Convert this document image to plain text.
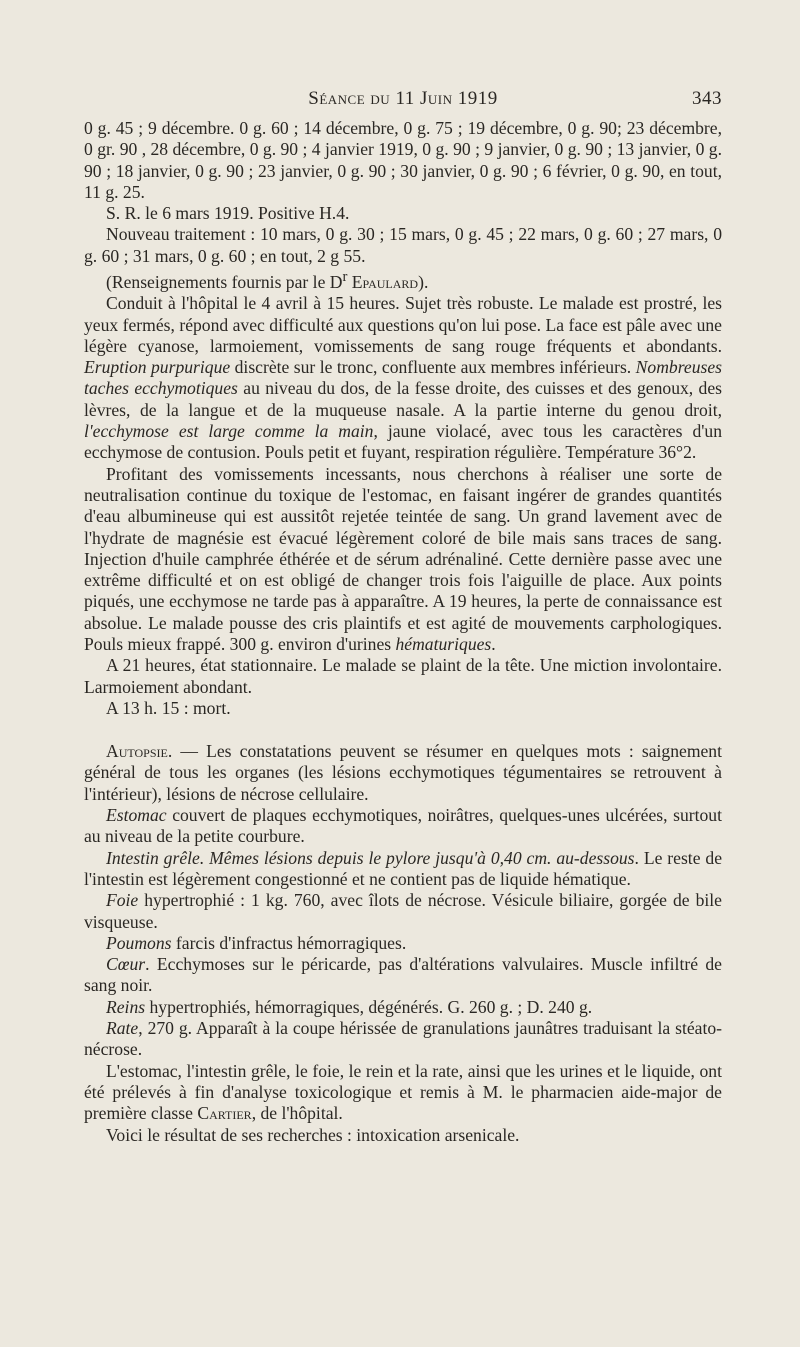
Séance du 11 Juin 1919	343

0 g. 45 ; 9 décembre. 0 g. 60 ; 14 décembre, 0 g. 75 ; 19 décembre, 0 g. 90; 23 décembre, 0 gr. 90 , 28 décembre, 0 g. 90 ; 4 janvier 1919, 0 g. 90 ; 9 janvier, 0 g. 90 ; 13 janvier, 0 g. 90 ; 18 janvier, 0 g. 90 ; 23 janvier, 0 g. 90 ; 30 janvier, 0 g. 90 ; 6 février, 0 g. 90, en tout, 11 g. 25.

S. R. le 6 mars 1919. Positive H.4.

Nouveau traitement : 10 mars, 0 g. 30 ; 15 mars, 0 g. 45 ; 22 mars, 0 g. 60 ; 27 mars, 0 g. 60 ; 31 mars, 0 g. 60 ; en tout, 2 g 55.

(Renseignements fournis par le $D^r$ Epaulard).

Conduit à l'hôpital le 4 avril à 15 heures. Sujet très robuste. Le malade est prostré, les yeux fermés, répond avec difficulté aux questions qu'on lui pose. La face est pâle avec une légère cyanose, larmoiement, vomissements de sang rouge fréquents et abondants. Eruption purpurique discrète sur le tronc, confluente aux membres inférieurs. Nombreuses taches ecchymotiques au niveau du dos, de la fesse droite, des cuisses et des genoux, des lèvres, de la langue et de la muqueuse nasale. A la partie interne du genou droit, l'ecchymose est large comme la main, jaune violacé, avec tous les caractères d'un ecchymose de contusion. Pouls petit et fuyant, respiration régulière. Température 36°2.

Profitant des vomissements incessants, nous cherchons à réaliser une sorte de neutralisation continue du toxique de l'estomac, en faisant ingérer de grandes quantités d'eau albumineuse qui est aussitôt rejetée teintée de sang. Un grand lavement avec de l'hydrate de magnésie est évacué légèrement coloré de bile mais sans traces de sang. Injection d'huile camphrée éthérée et de sérum adrénaliné. Cette dernière passe avec une extrême difficulté et on est obligé de changer trois fois l'aiguille de place. Aux points piqués, une ecchymose ne tarde pas à apparaître. A 19 heures, la perte de connaissance est absolue. Le malade pousse des cris plaintifs et est agité de mouvements carphologiques. Pouls mieux frappé. 300 g. environ d'urines hématuriques.

A 21 heures, état stationnaire. Le malade se plaint de la tête. Une miction involontaire. Larmoiement abondant.

A 13 h. 15 : mort.

Autopsie. — Les constatations peuvent se résumer en quelques mots : saignement général de tous les organes (les lésions ecchymotiques tégumentaires se retrouvent à l'intérieur), lésions de nécrose cellulaire.

Estomac couvert de plaques ecchymotiques, noirâtres, quelques-unes ulcérées, surtout au niveau de la petite courbure.

Intestin grêle. Mêmes lésions depuis le pylore jusqu'à 0,40 cm. au-dessous. Le reste de l'intestin est légèrement congestionné et ne contient pas de liquide hématique.

Foie hypertrophié : 1 kg. 760, avec îlots de nécrose. Vésicule biliaire, gorgée de bile visqueuse.

Poumons farcis d'infractus hémorragiques.

Cœur. Ecchymoses sur le péricarde, pas d'altérations valvulaires. Muscle infiltré de sang noir.

Reins hypertrophiés, hémorragiques, dégénérés. G. 260 g. ; D. 240 g.

Rate, 270 g. Apparaît à la coupe hérissée de granulations jaunâtres traduisant la stéato-nécrose.

L'estomac, l'intestin grêle, le foie, le rein et la rate, ainsi que les urines et le liquide, ont été prélevés à fin d'analyse toxicologique et remis à M. le pharmacien aide-major de première classe Cartier, de l'hôpital.

Voici le résultat de ses recherches : intoxication arsenicale.
